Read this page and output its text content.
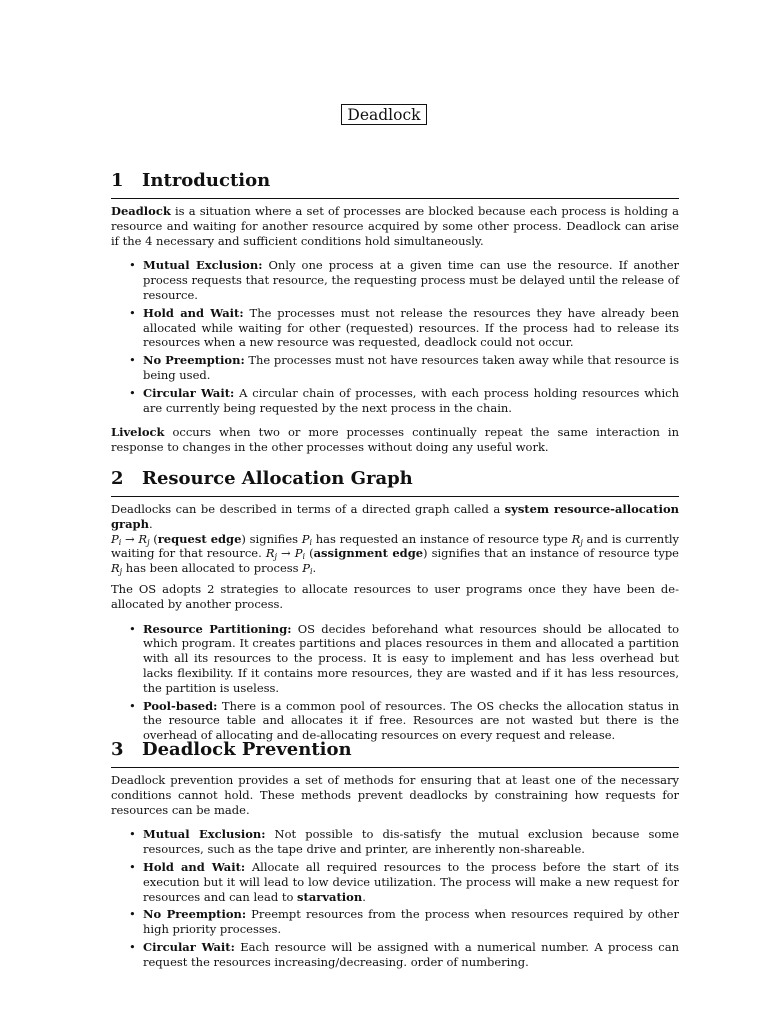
Deadlock
1 Introduction

Deadlock is a situation where a set of processes are blocked because each process is holding a resource and waiting for another resource acquired by some other process. Deadlock can arise if the 4 necessary and sufficient conditions hold simultaneously.

• Mutual Exclusion: Only one process at a given time can use the resource. If another process requests that resource, the requesting process must be delayed until the release of resource.
• Hold and Wait: The processes must not release the resources they have already been allocated while waiting for other (requested) resources. If the process had to release its resources when a new resource was requested, deadlock could not occur.
• No Preemption: The processes must not have resources taken away while that resource is being used.
• Circular Wait: A circular chain of processes, with each process holding resources which are currently being requested by the next process in the chain.

Livelock occurs when two or more processes continually repeat the same interaction in response to changes in the other processes without doing any useful work.

2 Resource Allocation Graph

Deadlocks can be described in terms of a directed graph called a system resource-allocation graph.
$P_i \to R_j$ (request edge) signifies $P_i$ has requested an instance of resource type $R_j$ and is currently waiting for that resource. $R_j \to P_i$ (assignment edge) signifies that an instance of resource type $R_j$ has been allocated to process $P_i$.

The OS adopts 2 strategies to allocate resources to user programs once they have been de-allocated by another process.

• Resource Partitioning: OS decides beforehand what resources should be allocated to which program. It creates partitions and places resources in them and allocated a partition with all its resources to the process. It is easy to implement and has less overhead but lacks flexibility. If it contains more resources, they are wasted and if it has less resources, the partition is useless.
• Pool-based: There is a common pool of resources. The OS checks the allocation status in the resource table and allocates it if free. Resources are not wasted but there is the overhead of allocating and de-allocating resources on every request and release.
3 Deadlock Prevention

Deadlock prevention provides a set of methods for ensuring that at least one of the necessary conditions cannot hold. These methods prevent deadlocks by constraining how requests for resources can be made.

• Mutual Exclusion: Not possible to dis-satisfy the mutual exclusion because some resources, such as the tape drive and printer, are inherently non-shareable.
• Hold and Wait: Allocate all required resources to the process before the start of its execution but it will lead to low device utilization. The process will make a new request for resources and can lead to starvation.
• No Preemption: Preempt resources from the process when resources required by other high priority processes.
• Circular Wait: Each resource will be assigned with a numerical number. A process can request the resources increasing/decreasing. order of numbering.
